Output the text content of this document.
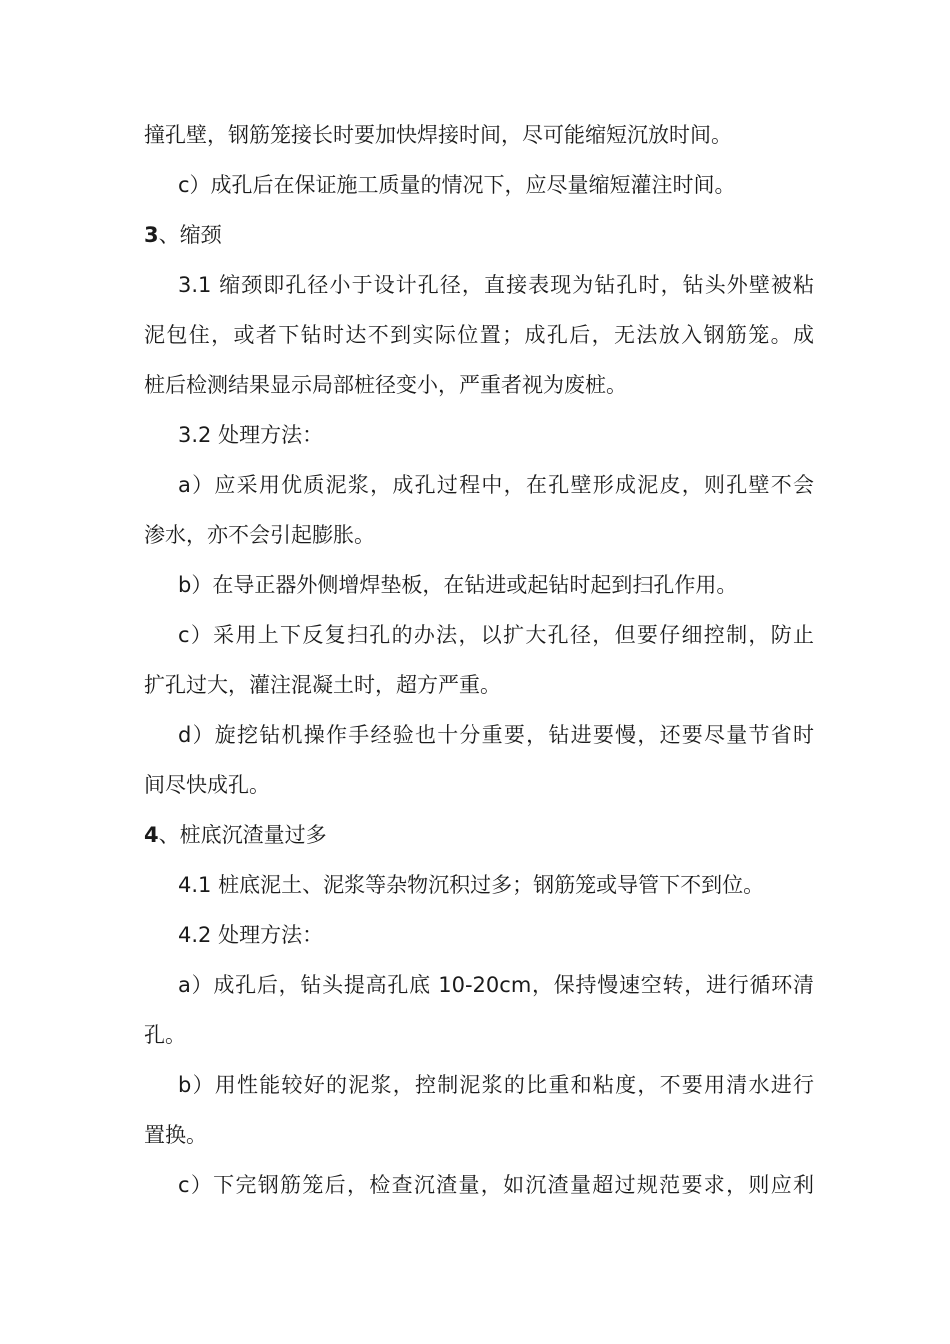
撞孔壁，钢筋笼接长时要加快焊接时间，尽可能缩短沉放时间。
c）成孔后在保证施工质量的情况下，应尽量缩短灌注时间。
3、缩颈
3.1 缩颈即孔径小于设计孔径，直接表现为钻孔时，钻头外壁被粘
泥包住，或者下钻时达不到实际位置；成孔后，无法放入钢筋笼。成
桩后检测结果显示局部桩径变小，严重者视为废桩。
3.2 处理方法：
a）应采用优质泥浆，成孔过程中，在孔壁形成泥皮，则孔壁不会
渗水，亦不会引起膨胀。
b）在导正器外侧增焊垫板，在钻进或起钻时起到扫孔作用。
c）采用上下反复扫孔的办法，以扩大孔径，但要仔细控制，防止
扩孔过大，灌注混凝土时，超方严重。
d）旋挖钻机操作手经验也十分重要，钻进要慢，还要尽量节省时
间尽快成孔。
4、桩底沉渣量过多
4.1 桩底泥土、泥浆等杂物沉积过多；钢筋笼或导管下不到位。
4.2 处理方法：
a）成孔后，钻头提高孔底 10-20cm，保持慢速空转，进行循环清
孔。
b）用性能较好的泥浆，控制泥浆的比重和粘度，不要用清水进行
置换。
c）下完钢筋笼后，检查沉渣量，如沉渣量超过规范要求，则应利
